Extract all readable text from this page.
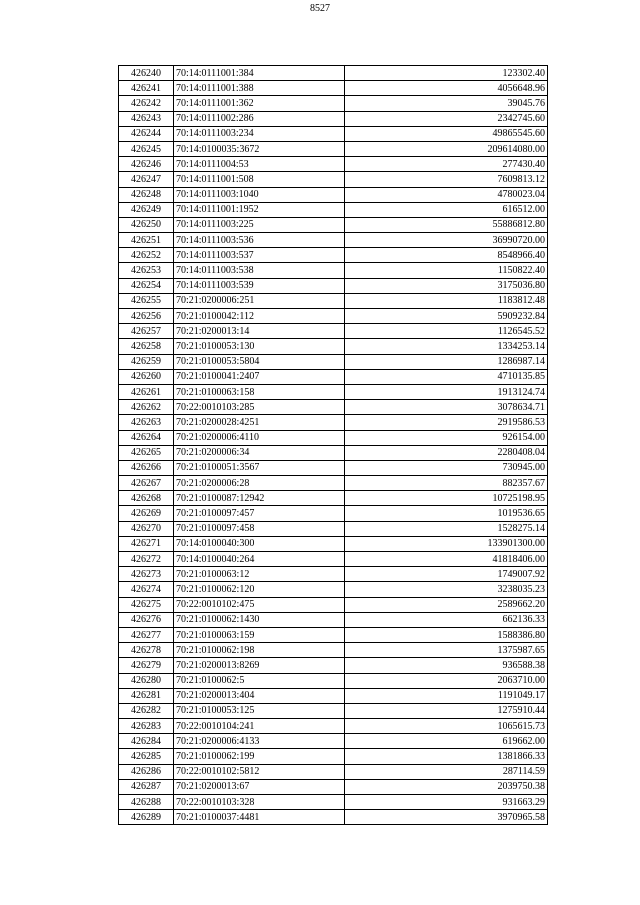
8527
426240	70:14:0111001:384	123302.40
426241	70:14:0111001:388	4056648.96
426242	70:14:0111001:362	39045.76
426243	70:14:0111002:286	2342745.60
426244	70:14:0111003:234	49865545.60
426245	70:14:0100035:3672	209614080.00
426246	70:14:0111004:53	277430.40
426247	70:14:0111001:508	7609813.12
426248	70:14:0111003:1040	4780023.04
426249	70:14:0111001:1952	616512.00
426250	70:14:0111003:225	55886812.80
426251	70:14:0111003:536	36990720.00
426252	70:14:0111003:537	8548966.40
426253	70:14:0111003:538	1150822.40
426254	70:14:0111003:539	3175036.80
426255	70:21:0200006:251	1183812.48
426256	70:21:0100042:112	5909232.84
426257	70:21:0200013:14	1126545.52
426258	70:21:0100053:130	1334253.14
426259	70:21:0100053:5804	1286987.14
426260	70:21:0100041:2407	4710135.85
426261	70:21:0100063:158	1913124.74
426262	70:22:0010103:285	3078634.71
426263	70:21:0200028:4251	2919586.53
426264	70:21:0200006:4110	926154.00
426265	70:21:0200006:34	2280408.04
426266	70:21:0100051:3567	730945.00
426267	70:21:0200006:28	882357.67
426268	70:21:0100087:12942	10725198.95
426269	70:21:0100097:457	1019536.65
426270	70:21:0100097:458	1528275.14
426271	70:14:0100040:300	133901300.00
426272	70:14:0100040:264	41818406.00
426273	70:21:0100063:12	1749007.92
426274	70:21:0100062:120	3238035.23
426275	70:22:0010102:475	2589662.20
426276	70:21:0100062:1430	662136.33
426277	70:21:0100063:159	1588386.80
426278	70:21:0100062:198	1375987.65
426279	70:21:0200013:8269	936588.38
426280	70:21:0100062:5	2063710.00
426281	70:21:0200013:404	1191049.17
426282	70:21:0100053:125	1275910.44
426283	70:22:0010104:241	1065615.73
426284	70:21:0200006:4133	619662.00
426285	70:21:0100062:199	1381866.33
426286	70:22:0010102:5812	287114.59
426287	70:21:0200013:67	2039750.38
426288	70:22:0010103:328	931663.29
426289	70:21:0100037:4481	3970965.58
